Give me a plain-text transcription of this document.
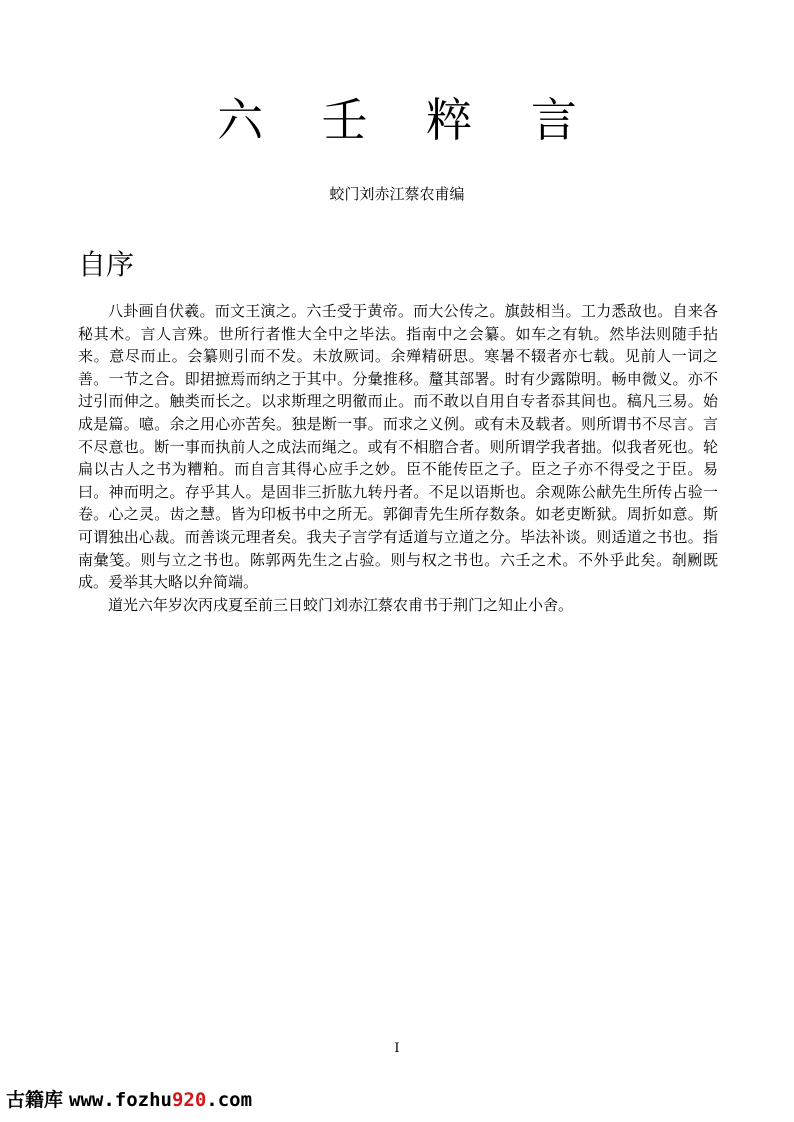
六 壬 粹 言
蛟门刘赤江蔡农甫编
自序

八卦画自伏羲。而文王演之。六壬受于黄帝。而大公传之。旗鼓相当。工力悉敌也。自来各秘其术。言人言殊。世所行者惟大全中之毕法。指南中之会纂。如车之有轨。然毕法则随手拈来。意尽而止。会纂则引而不发。未放厥词。余殚精研思。寒暑不辍者亦七载。见前人一词之善。一节之合。即捃摭焉而纳之于其中。分彙推移。釐其部署。时有少露隙明。畅申微义。亦不过引而伸之。触类而长之。以求斯理之明徹而止。而不敢以自用自专者忝其间也。稿凡三易。始成是篇。噫。余之用心亦苦矣。独是断一事。而求之义例。或有未及载者。则所谓书不尽言。言不尽意也。断一事而执前人之成法而绳之。或有不相脗合者。则所谓学我者拙。似我者死也。轮扁以古人之书为糟粕。而自言其得心应手之妙。臣不能传臣之子。臣之子亦不得受之于臣。易曰。神而明之。存乎其人。是固非三折肱九转丹者。不足以语斯也。余观陈公献先生所传占验一卷。心之灵。齿之慧。皆为印板书中之所无。郭御青先生所存数条。如老吏断狱。周折如意。斯可谓独出心裁。而善谈元理者矣。我夫子言学有适道与立道之分。毕法补谈。则适道之书也。指南彙笺。则与立之书也。陈郭两先生之占验。则与权之书也。六壬之术。不外乎此矣。剞劂既成。爰举其大略以弁简端。

道光六年岁次丙戌夏至前三日蛟门刘赤江蔡农甫书于荆门之知止小舍。

I
古籍库 www.fozhu920.com
